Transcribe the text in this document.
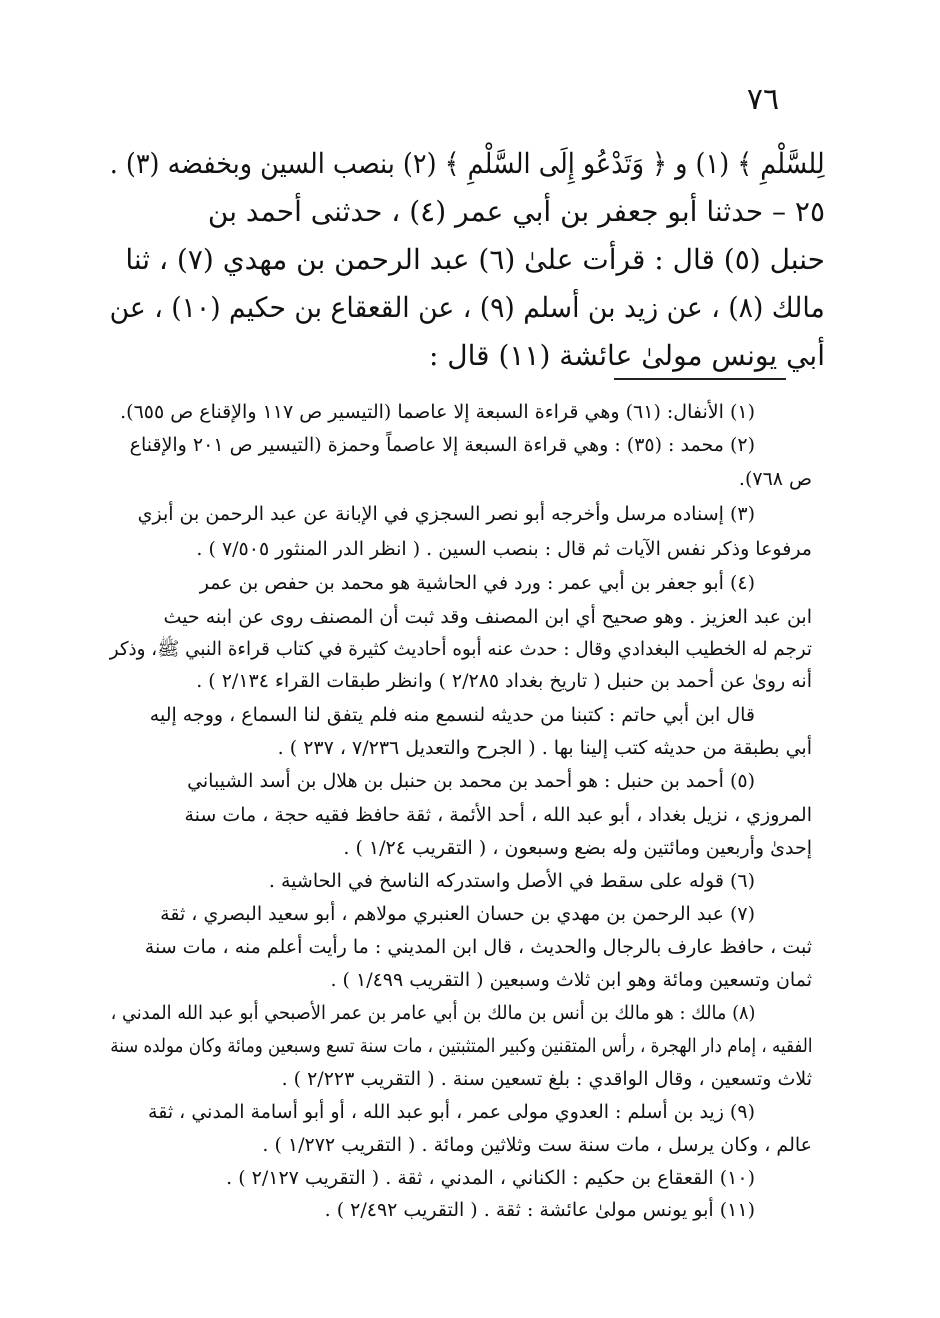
٧٦
لِلسَّلْمِ ﴾ (١) و ﴿ وَتَدْعُو إِلَى السَّلْمِ ﴾ (٢) بنصب السين وبخفضه (٣) .
٢٥ – حدثنا أبو جعفر بن أبي عمر (٤) ، حدثنى أحمد بن
حنبل (٥) قال : قرأت علىٰ (٦) عبد الرحمن بن مهدي (٧) ، ثنا
مالك (٨) ، عن زيد بن أسلم (٩) ، عن القعقاع بن حكيم (١٠) ، عن
أبي يونس مولىٰ عائشة (١١) قال :
(١) الأنفال: (٦١) وهي قراءة السبعة إلا عاصما (التيسير ص ١١٧ والإقناع ص ٦٥٥).
(٢) محمد : (٣٥) : وهي قراءة السبعة إلا عاصماً وحمزة (التيسير ص ٢٠١ والإقناع
ص ٧٦٨).
(٣) إسناده مرسل وأخرجه أبو نصر السجزي في الإبانة عن عبد الرحمن بن أبزي
مرفوعا وذكر نفس الآيات ثم قال : بنصب السين . ( انظر الدر المنثور ٧/٥٠٥ ) .
(٤) أبو جعفر بن أبي عمر : ورد في الحاشية هو محمد بن حفص بن عمر
ابن عبد العزيز . وهو صحيح أي ابن المصنف وقد ثبت أن المصنف روى عن ابنه حيث
ترجم له الخطيب البغدادي وقال : حدث عنه أبوه أحاديث كثيرة في كتاب قراءة النبي ﷺ، وذكر
أنه روىٰ عن أحمد بن حنبل ( تاريخ بغداد ٢/٢٨٥ ) وانظر طبقات القراء ٢/١٣٤ ) .
قال ابن أبي حاتم : كتبنا من حديثه لنسمع منه فلم يتفق لنا السماع ، ووجه إليه
أبي بطبقة من حديثه كتب إلينا بها . ( الجرح والتعديل ٧/٢٣٦ ، ٢٣٧ ) .
(٥) أحمد بن حنبل : هو أحمد بن محمد بن حنبل بن هلال بن أسد الشيباني
المروزي ، نزيل بغداد ، أبو عبد الله ، أحد الأئمة ، ثقة حافظ فقيه حجة ، مات سنة
إحدىٰ وأربعين ومائتين وله بضع وسبعون ، ( التقريب ١/٢٤ ) .
(٦) قوله على سقط في الأصل واستدركه الناسخ في الحاشية .
(٧) عبد الرحمن بن مهدي بن حسان العنبري مولاهم ، أبو سعيد البصري ، ثقة
ثبت ، حافظ عارف بالرجال والحديث ، قال ابن المديني : ما رأيت أعلم منه ، مات سنة
ثمان وتسعين ومائة وهو ابن ثلاث وسبعين ( التقريب ١/٤٩٩ ) .
(٨) مالك : هو مالك بن أنس بن مالك بن أبي عامر بن عمر الأصبحي أبو عبد الله المدني ،
الفقيه ، إمام دار الهجرة ، رأس المتقنين وكبير المتثبتين ، مات سنة تسع وسبعين ومائة وكان مولده سنة
ثلاث وتسعين ، وقال الواقدي : بلغ تسعين سنة . ( التقريب ٢/٢٢٣ ) .
(٩) زيد بن أسلم : العدوي مولى عمر ، أبو عبد الله ، أو أبو أسامة المدني ، ثقة
عالم ، وكان يرسل ، مات سنة ست وثلاثين ومائة . ( التقريب ١/٢٧٢ ) .
(١٠) القعقاع بن حكيم : الكناني ، المدني ، ثقة . ( التقريب ٢/١٢٧ ) .
(١١) أبو يونس مولىٰ عائشة : ثقة . ( التقريب ٢/٤٩٢ ) .
